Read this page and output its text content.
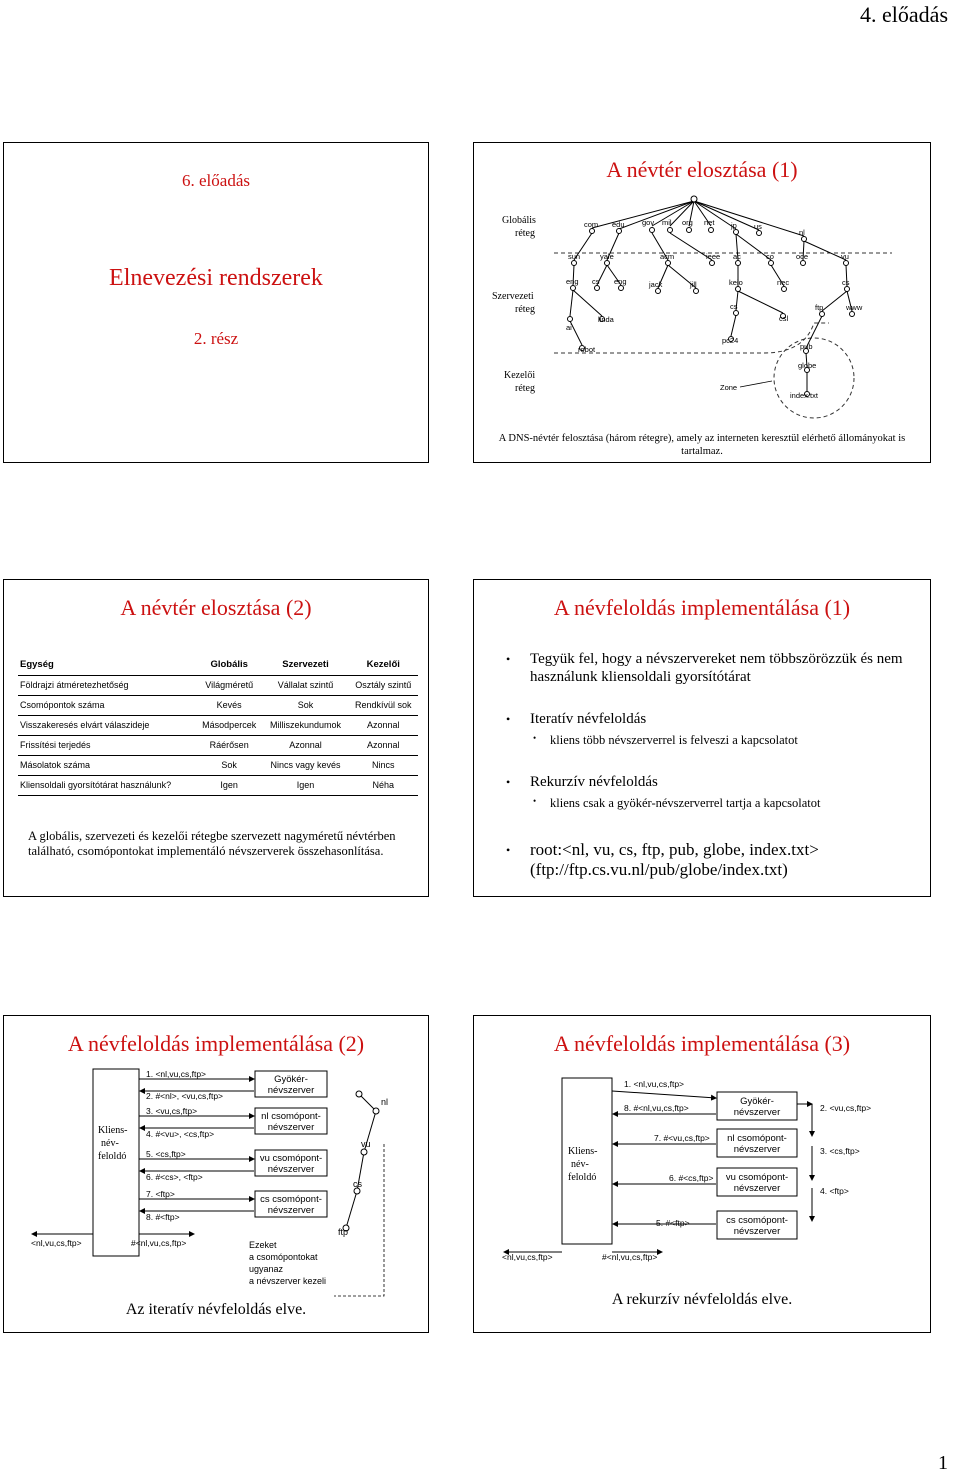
4. előadás
6. előadás
Elnevezési rendszerek
2. rész
A névtér elosztása (1)
Globális
réteg
Szervezeti
réteg
Kezelői
réteg
com edu gov mil org net jp us
nl
sun	yale	acm	ieee ac	co	oce	vu
eng cs eng	jack	jill	keio	nec	cs
ai
linda
cs
csl
ftp	www
robot
pc24
pub
globe
index.txt
Zone
A DNS-névtér felosztása (három rétegre), amely az interneten keresztül elérhető állományokat is tartalmaz.
A névtér elosztása (2)
Egység	Globális	Szervezeti	Kezelői
Földrajzi átméretezhetőség	Világméretű	Vállalat szintű	Osztály szintű
Csomópontok száma	Kevés	Sok	Rendkívül sok
Visszakeresés elvárt válaszideje	Másodpercek	Milliszekundumok	Azonnal
Frissítési terjedés	Ráérősen	Azonnal	Azonnal
Másolatok száma	Sok	Nincs vagy kevés	Nincs
Kliensoldali gyorsítótárat használunk?	Igen	Igen	Néha
A globális, szervezeti és kezelői rétegbe szervezett nagyméretű névtérben található, csomópontokat implementáló névszerverek összehasonlítása.
A névfeloldás implementálása (1)
• Tegyük fel, hogy a névszervereket nem többszörözzük és nem használunk kliensoldali gyorsítótárat
• Iteratív névfeloldás
• kliens több névszerverrel is felveszi a kapcsolatot
• Rekurzív névfeloldás
• kliens csak a gyökér-névszerverrel tartja a kapcsolatot
• root:<nl, vu, cs, ftp, pub, globe, index.txt>
(ftp://ftp.cs.vu.nl/pub/globe/index.txt)
A névfeloldás implementálása (2)
Kliens-
név-
feloldó
Gyökér-
névszerver
nl csomópont-
névszerver
vu csomópont-
névszerver
cs csomópont-
névszerver
1. <nl,vu,cs,ftp>
2. #<nl>, <vu,cs,ftp>
3. <vu,cs,ftp>
4. #<vu>, <cs,ftp>
5. <cs,ftp>
6. #<cs>, <ftp>
7. <ftp>
8. #<ftp>
<nl,vu,cs,ftp>	#<nl,vu,cs,ftp>
nl
vu
cs
ftp
Ezeket
a csomópontokat
ugyanaz
a névszerver kezeli
Az iteratív névfeloldás elve.
A névfeloldás implementálása (3)
Kliens-
név-
feloldó
Gyökér-
névszerver
nl csomópont-
névszerver
vu csomópont-
névszerver
cs csomópont-
névszerver
1. <nl,vu,cs,ftp>
8. #<nl,vu,cs,ftp>	2. <vu,cs,ftp>
3. <cs,ftp>
4. <ftp>
7. #<vu,cs,ftp>
6. #<cs,ftp>
5. #<ftp>
<nl,vu,cs,ftp>	#<nl,vu,cs,ftp>
A rekurzív névfeloldás elve.
1
